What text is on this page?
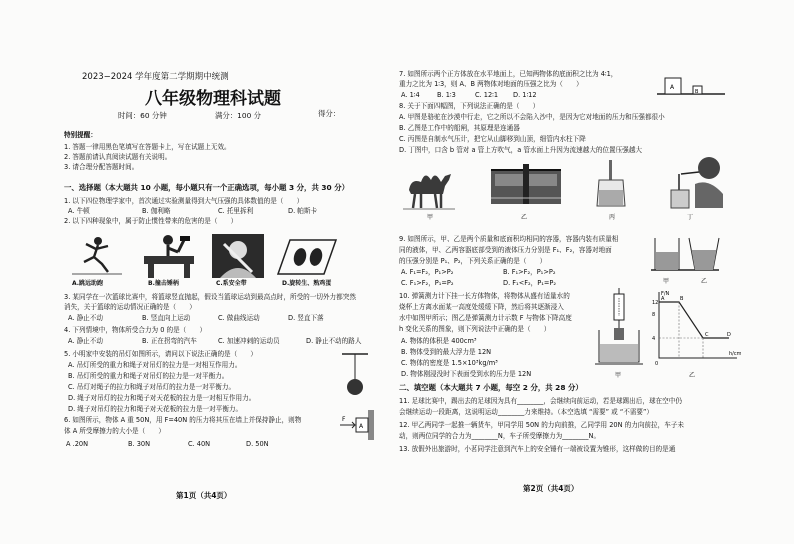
2023−2024 学年度第二学期期中统测
八年级物理科试题
时间：60 分钟	满分：100 分	得分：
特别提醒：
1. 答题一律用黑色笔填写在答题卡上，写在试题上无效。
2. 答题前请认真阅读试题有关说明。
3. 请合理分配答题时间。
一、选择题（本大题共 10 小题，每小题只有一个正确选项，每小题 3 分，共 30 分）
1. 以下四位物理学家中，首次通过实验测量得到大气压强的具体数值的是（　　）
A. 牛顿	B. 伽利略	C. 托里拆利	D. 帕斯卡
2. 以下四种现象中，属于防止惯性带来的危害的是（　　）
A.跳远助跑	B.撞击锤柄	C.系安全带	D.旋转生、熟鸡蛋
3. 某同学在一次篮球比赛中，将篮球竖直抛起，假设当篮球运动到最高点时，所受的一切外力都突然
消失，关于篮球的运动情况正确的是（　　）
A. 静止不动	B. 竖直向上运动	C. 做曲线运动	D. 竖直下落
4. 下列情境中，物体所受合力为 0 的是（　　）
A. 静止不动	B. 正在拐弯的汽车	C. 加速冲刺的运动员	D. 静止不动的路人
5. 小明家中安装的吊灯如图所示，请问以下说法正确的是（　　）
A. 吊灯所受的重力和绳子对吊灯的拉力是一对相互作用力。
B. 吊灯所受的重力和绳子对吊灯的拉力是一对平衡力。
C. 吊灯对绳子的拉力和绳子对吊灯的拉力是一对平衡力。
D. 绳子对吊灯的拉力和绳子对天花板的拉力是一对相互作用力。
D. 绳子对吊灯的拉力和绳子对天花板的拉力是一对平衡力。
6. 如图所示，物体 A 重 50N，用 F=40N 的压力将其压在墙上并保持静止，则物
体 A 所受摩擦力的大小是（　　）
A .20N	B. 30N	C. 40N	D. 50N
F
A
第1页（共4页）
7. 如图所示两个正方体放在水平地面上，已知两物体的底面积之比为 4∶1，
重力之比为 1∶3，则 A、B 两物体对地面的压强之比为（　　）
A. 1∶4	B. 1∶3	C. 12∶1 D. 1∶12
A
B
8. 关于下面四幅图，下列说法正确的是（　　）
A. 甲图是骆驼在沙漠中行走，它之所以不会陷入沙中，是因为它对地面的压力和压强都很小
B. 乙图是工作中的船闸，其原理是连通器
C. 丙图是自制水气压计，把它从山脚移到山顶，细管内水柱下降
D. 丁图中，口含 b 管对 a 管上方吹气，a 管水面上升因为流速越大的位置压强越大
甲	乙	丙	丁
9. 如图所示，甲、乙是两个质量和底面积均相同的容器，容器内装有质量相
同的液体，甲、乙两容器底部受到的液体压力分别是 F₁、F₂，容器对地面
的压强分别是 P₁、P₂，下列关系正确的是（　　）
A. F₁=F₂，P₁>P₂	B. F₁>F₂，P₁>P₂
C. F₁>F₂，P₁=P₂	D. F₁<F₂，P₁=P₂	甲	乙
10. 弹簧测力计下挂一长方体物体，将物体从盛有适量水的
烧杯上方离水面某一高度处缓缓下降，然后将其逐渐浸入
水中如图甲所示；图乙是弹簧测力计示数 F 与物体下降高度
h 变化关系的图象，则下列说法中正确的是（　　）
A. 物体的体积是 400cm³
B. 物体受到的最大浮力是 12N
C. 物体的密度是 1.5×10³kg/m³
D. 物体刚浸没时下表面受到水的压力是 12N	甲
F/N
12
8
4
A	B
C	D
0
h/cm
乙
二、填空题（本大题共 7 小题，每空 2 分，共 28 分）
11. 足球比赛中，踢出去的足球因为具有________，会继续向前运动，若是球踢出后，球在空中仍
会继续运动一段距离，这说明运动________力来维持。（本空选填 “需要” 或 “不需要”）
12. 甲乙两同学一起推一辆货车，甲同学用 50N 的力向前推，乙同学用 20N 的力向前拉，车子未
动，则两位同学的合力为________N，车子所受摩擦力为________N。
13. 放假外出旅游时，小茗同学注意到汽车上的安全锤有一端被设置为锥形，这样做的目的是通
第2页（共4页）
